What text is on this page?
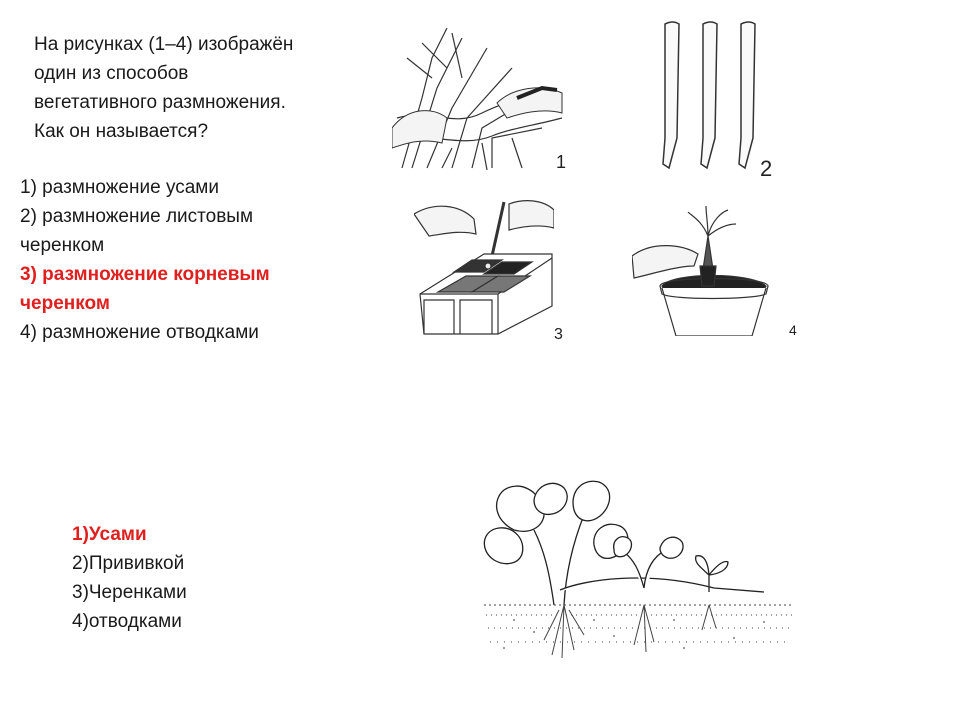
На рисунках (1–4) изображён
один из способов
вегетативного размножения.
Как он называется?
1) размножение усами
2) размножение листовым
черенком
3) размножение корневым
черенком
4) размножение отводками
1	2
3	4
1)Усами
2)Прививкой
3)Черенками
4)отводками
